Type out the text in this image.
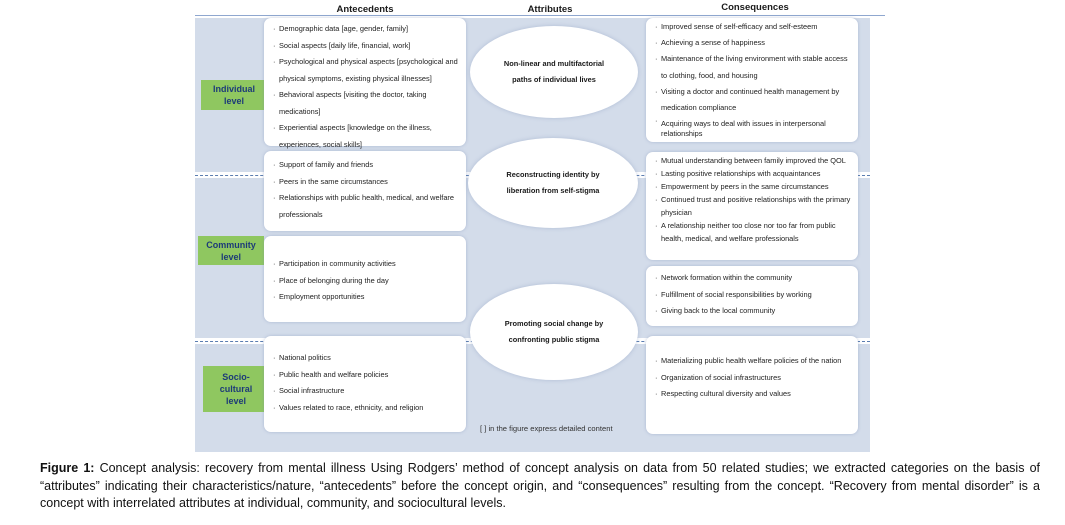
Antecedents	Attributes	Consequences
Individual
level
Community
level
Socio-
cultural
level
· Demographic data [age, gender, family]
· Social aspects [daily life, financial, work]
· Psychological and physical aspects [psychological and physical symptoms, existing physical illnesses]
· Behavioral aspects [visiting the doctor, taking medications]
· Experiential aspects [knowledge on the illness, experiences, social skills]
· Support of family and friends
· Peers in the same circumstances
· Relationships with public health, medical, and welfare professionals
· Participation in community activities
· Place of belonging during the day
· Employment opportunities
· National politics
· Public health and welfare policies
· Social infrastructure
· Values related to race, ethnicity, and religion
Non-linear and multifactorial
paths of individual lives
Reconstructing identity by
liberation from self-stigma
Promoting social change by
confronting public stigma
· Improved sense of self-efficacy and self-esteem
· Achieving a sense of happiness
· Maintenance of the living environment with stable access to clothing, food, and housing
· Visiting a doctor and continued health management by medication compliance
· Acquiring ways to deal with issues in interpersonal relationships
· Mutual understanding between family improved the QOL
· Lasting positive relationships with acquaintances
· Empowerment by peers in the same circumstances
· Continued trust and positive relationships with the primary physician
· A relationship neither too close nor too far from public health, medical, and welfare professionals
· Network formation within the community
· Fulfillment of social responsibilities by working
· Giving back to the local community
· Materializing public health welfare policies of the nation
· Organization of social infrastructures
· Respecting cultural diversity and values
[ ] in the figure express detailed content
Figure 1: Concept analysis: recovery from mental illness Using Rodgers’ method of concept analysis on data from 50 related studies; we extracted categories on the basis of “attributes” indicating their characteristics/nature, “antecedents” before the concept origin, and “consequences” resulting from the concept. “Recovery from mental disorder” is a concept with interrelated attributes at individual, community, and sociocultural levels.
